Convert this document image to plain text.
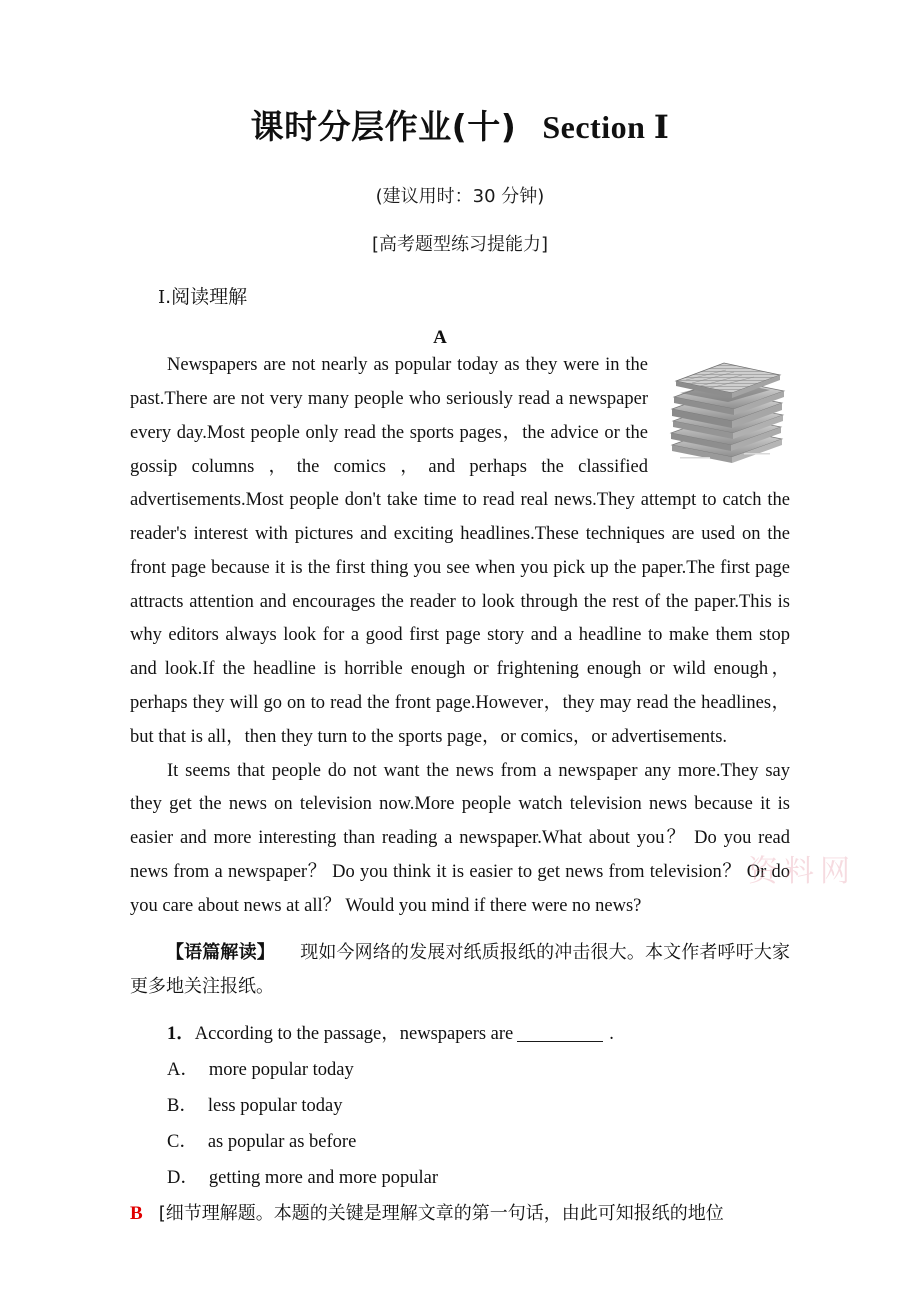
课时分层作业(十) Section Ⅰ
(建议用时：30 分钟)
[高考题型练习提能力]
Ⅰ.阅读理解
A

Newspapers are not nearly as popular today as they were in the past.There are not very many people who seriously read a newspaper every day.Most people only read the sports pages，the advice or the gossip columns ，the comics ，and perhaps the classified advertisements.Most people don't take time to read real news.They attempt to catch the reader's interest with pictures and exciting headlines.These techniques are used on the front page because it is the first thing you see when you pick up the paper.The first page attracts attention and encourages the reader to look through the rest of the paper.This is why editors always look for a good first page story and a headline to make them stop and look.If the headline is horrible enough or frightening enough or wild enough，perhaps they will go on to read the front page.However，they may read the headlines，but that is all，then they turn to the sports page，or comics，or advertisements.

It seems that people do not want the news from a newspaper any more.They say they get the news on television now.More people watch television news because it is easier and more interesting than reading a newspaper.What about you？ Do you read news from a newspaper？ Do you think it is easier to get news from television？ Or do you care about news at all？ Would you mind if there were no news?

【语篇解读】 现如今网络的发展对纸质报纸的冲击很大。本文作者呼吁大家更多地关注报纸。
1．According to the passage，newspapers are	.
A． more popular today
B． less popular today
C． as popular as before
D． getting more and more popular
B [细节理解题。本题的关键是理解文章的第一句话，由此可知报纸的地位
资料网
